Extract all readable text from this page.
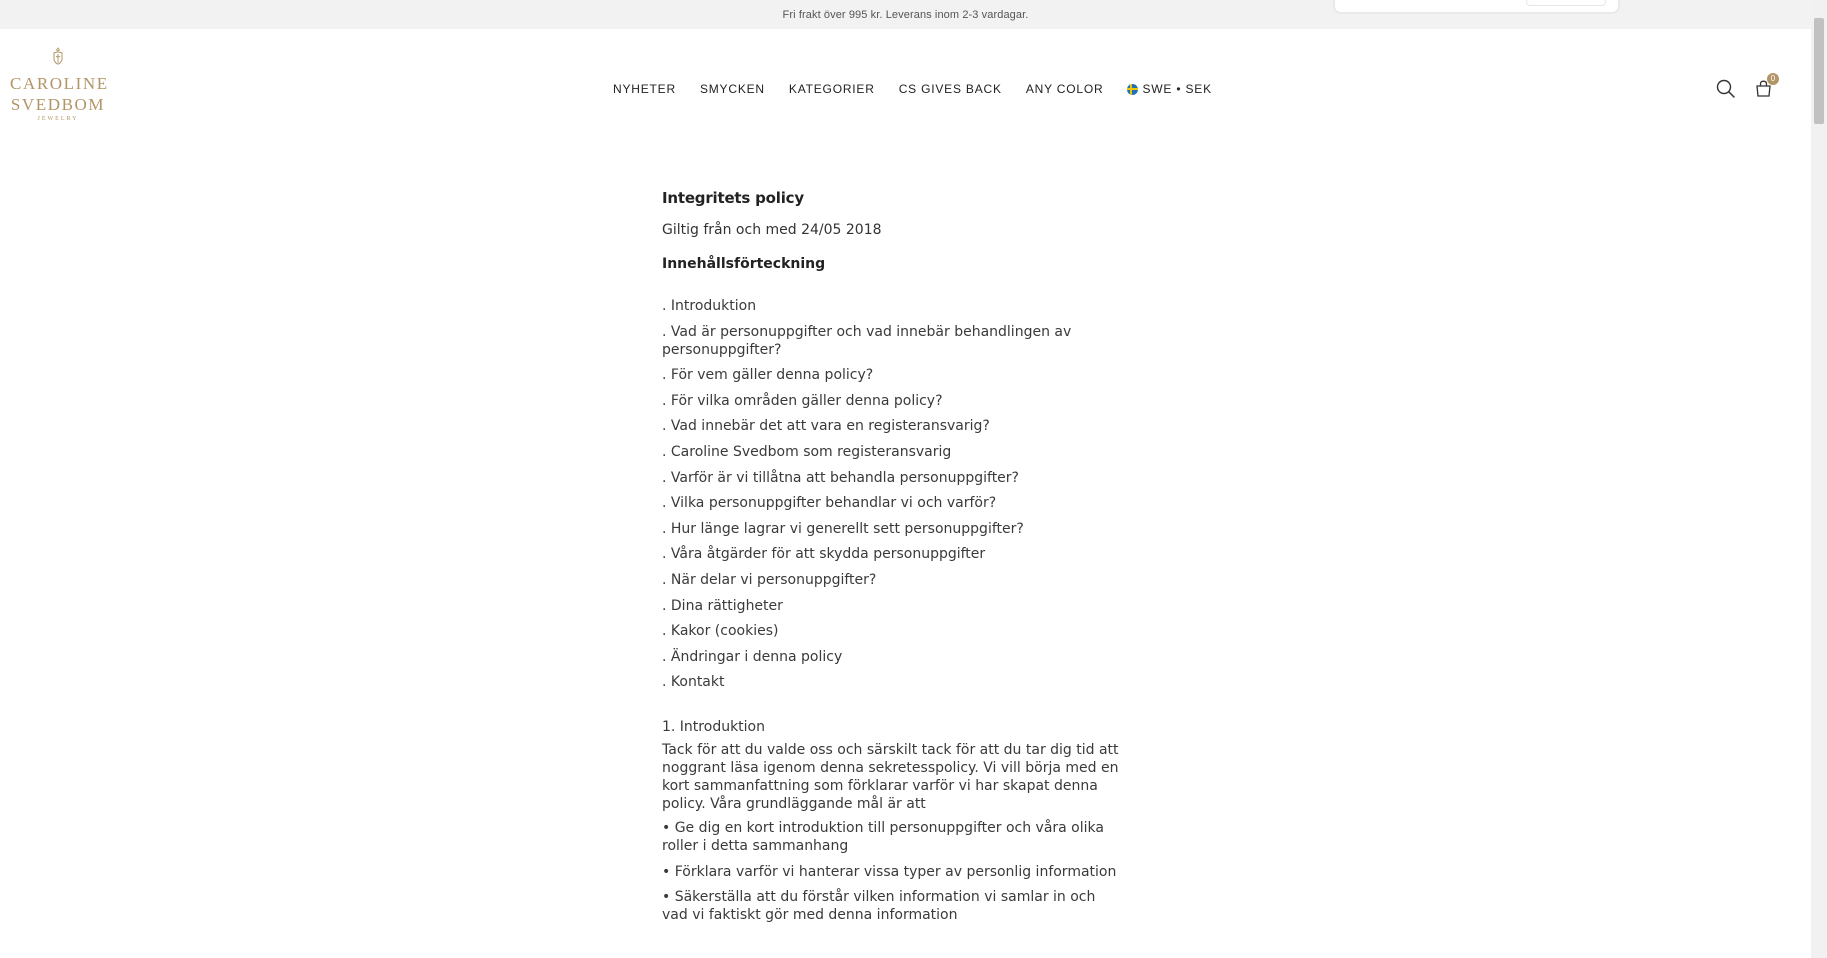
Fri frakt över 995 kr. Leverans inom 2-3 vardagar.
CAROLINE
SVEDBOM
JEWELRY
NYHETER SMYCKEN KATEGORIER CS GIVES BACK ANY COLOR	SWE • SEK
0
Integritets policy

Giltig från och med 24/05 2018

Innehållsförteckning

. Introduktion
. Vad är personuppgifter och vad innebär behandlingen av personuppgifter?
. För vem gäller denna policy?
. För vilka områden gäller denna policy?
. Vad innebär det att vara en registeransvarig?
. Caroline Svedbom som registeransvarig
. Varför är vi tillåtna att behandla personuppgifter?
. Vilka personuppgifter behandlar vi och varför?
. Hur länge lagrar vi generellt sett personuppgifter?
. Våra åtgärder för att skydda personuppgifter
. När delar vi personuppgifter?
. Dina rättigheter
. Kakor (cookies)
. Ändringar i denna policy
. Kontakt
1. Introduktion

Tack för att du valde oss och särskilt tack för att du tar dig tid att noggrant läsa igenom denna sekretesspolicy. Vi vill börja med en kort sammanfattning som förklarar varför vi har skapat denna policy. Våra grundläggande mål är att

• Ge dig en kort introduktion till personuppgifter och våra olika roller i detta sammanhang
• Förklara varför vi hanterar vissa typer av personlig information
• Säkerställa att du förstår vilken information vi samlar in och vad vi faktiskt gör med denna information
